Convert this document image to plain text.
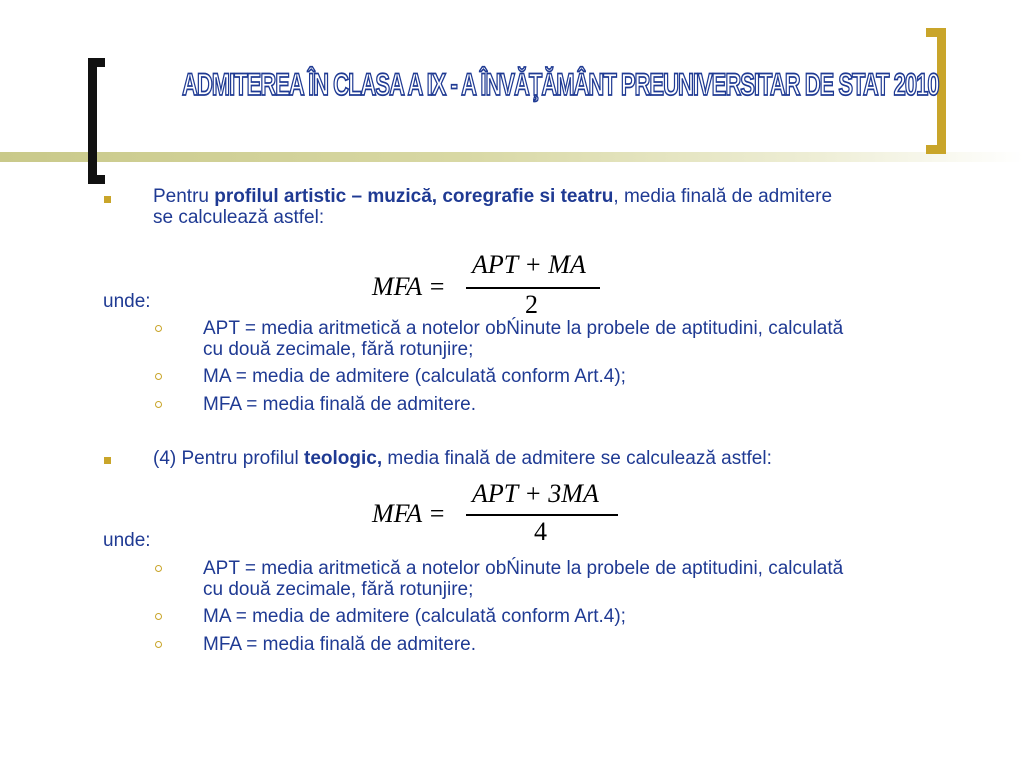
ADMITEREA ÎN CLASA A IX - A ÎNVĂŢĂMÂNT PREUNIVERSITAR DE STAT 2010
Pentru profilul artistic – muzică, coregrafie si teatru, media finală de admitere
se calculează astfel:
MFA =
APT + MA
2
unde:
APT = media aritmetică a notelor obŃinute la probele de aptitudini, calculată
cu două zecimale, fără rotunjire;
MA = media de admitere (calculată conform Art.4);
MFA = media finală de admitere.
(4) Pentru profilul teologic, media finală de admitere se calculează astfel:
MFA =
APT + 3MA
4
unde:
APT = media aritmetică a notelor obŃinute la probele de aptitudini, calculată
cu două zecimale, fără rotunjire;
MA = media de admitere (calculată conform Art.4);
MFA = media finală de admitere.
